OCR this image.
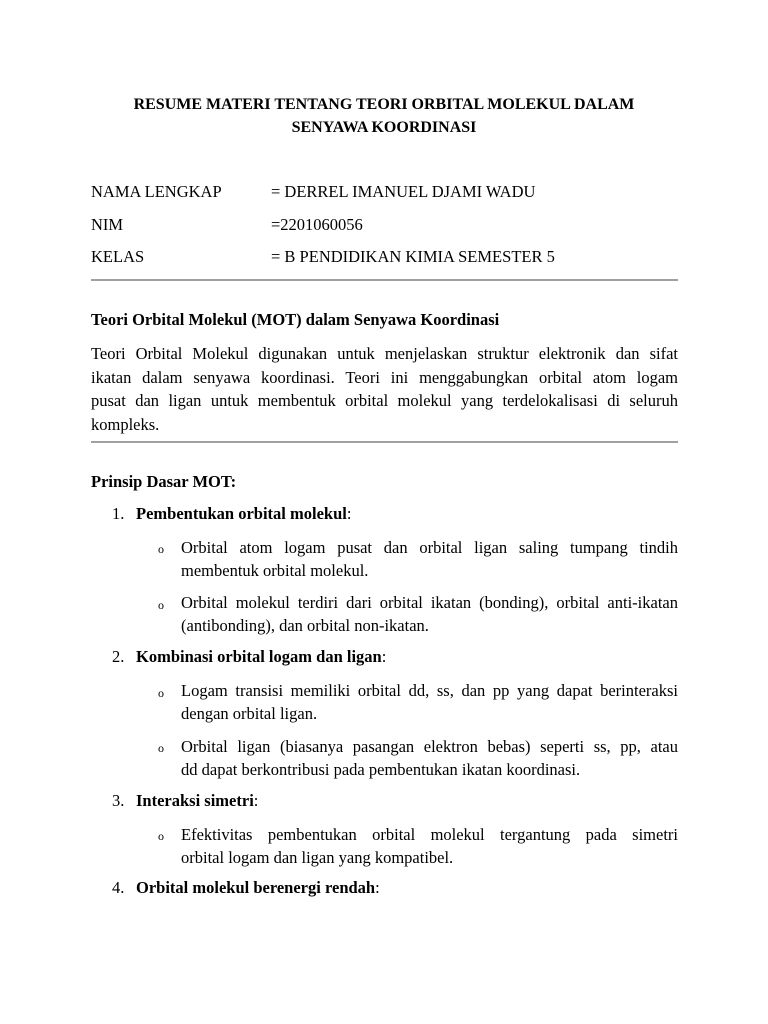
RESUME MATERI TENTANG TEORI ORBITAL MOLEKUL DALAM
SENYAWA KOORDINASI
NAMA LENGKAP	= DERREL IMANUEL DJAMI WADU
NIM	=2201060056
KELAS	= B PENDIDIKAN KIMIA SEMESTER 5
Teori Orbital Molekul (MOT) dalam Senyawa Koordinasi
Teori Orbital Molekul digunakan untuk menjelaskan struktur elektronik dan sifat
ikatan dalam senyawa koordinasi. Teori ini menggabungkan orbital atom logam
pusat dan ligan untuk membentuk orbital molekul yang terdelokalisasi di seluruh
kompleks.
Prinsip Dasar MOT:
1. Pembentukan orbital molekul:
o Orbital atom logam pusat dan orbital ligan saling tumpang tindih
membentuk orbital molekul.
o Orbital molekul terdiri dari orbital ikatan (bonding), orbital anti-ikatan
(antibonding), dan orbital non-ikatan.
2. Kombinasi orbital logam dan ligan:
o Logam transisi memiliki orbital dd, ss, dan pp yang dapat berinteraksi
dengan orbital ligan.
o Orbital ligan (biasanya pasangan elektron bebas) seperti ss, pp, atau
dd dapat berkontribusi pada pembentukan ikatan koordinasi.
3. Interaksi simetri:
o Efektivitas pembentukan orbital molekul tergantung pada simetri
orbital logam dan ligan yang kompatibel.
4. Orbital molekul berenergi rendah:
